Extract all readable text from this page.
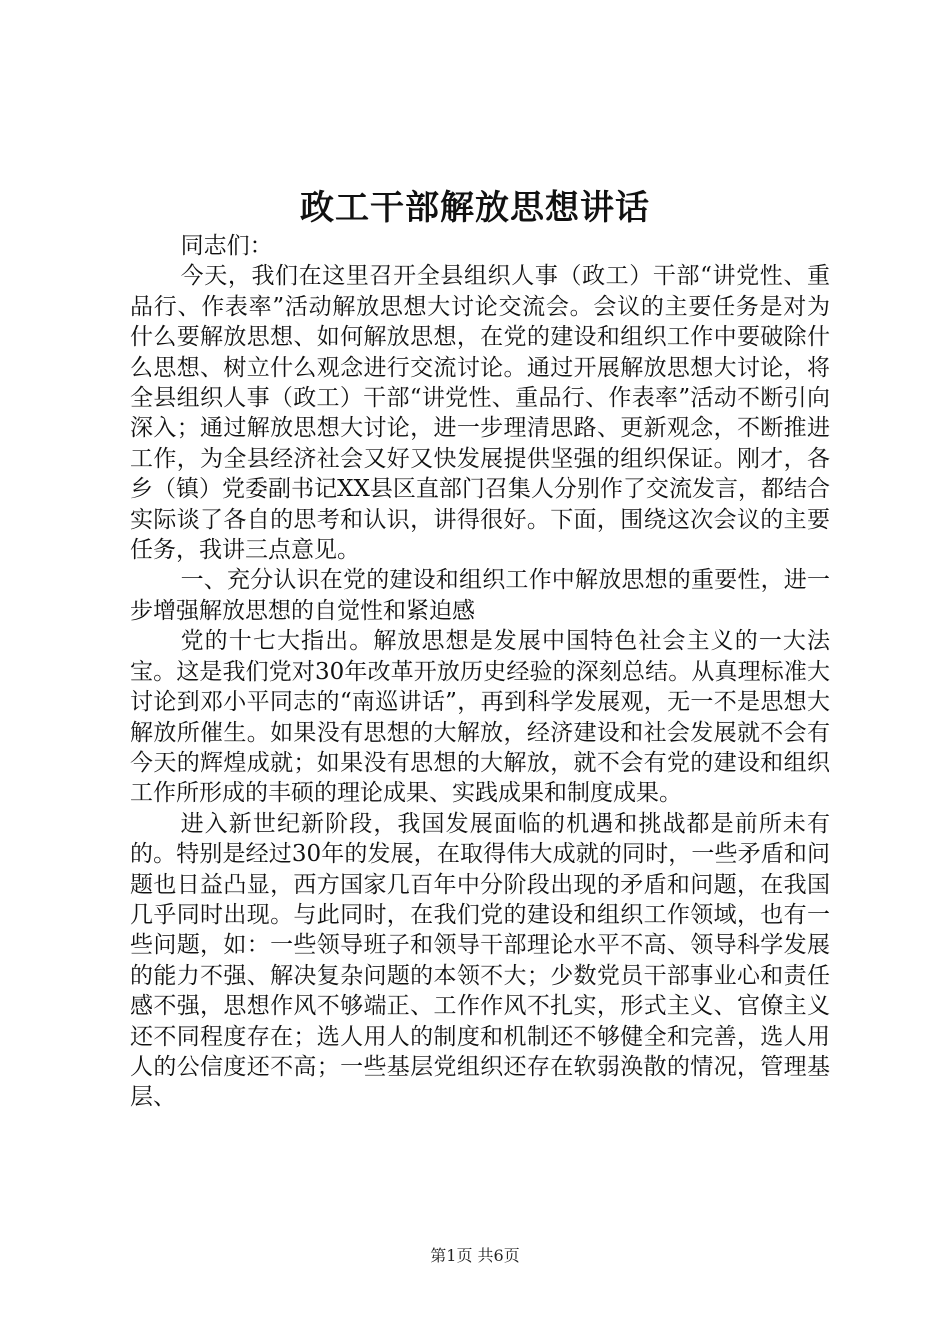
政工干部解放思想讲话

同志们：

今天，我们在这里召开全县组织人事（政工）干部“讲党性、重品行、作表率”活动解放思想大讨论交流会。会议的主要任务是对为什么要解放思想、如何解放思想，在党的建设和组织工作中要破除什么思想、树立什么观念进行交流讨论。通过开展解放思想大讨论，将全县组织人事（政工）干部“讲党性、重品行、作表率”活动不断引向深入；通过解放思想大讨论，进一步理清思路、更新观念，不断推进工作，为全县经济社会又好又快发展提供坚强的组织保证。刚才，各乡（镇）党委副书记XX县区直部门召集人分别作了交流发言，都结合实际谈了各自的思考和认识，讲得很好。下面，围绕这次会议的主要任务，我讲三点意见。

一、充分认识在党的建设和组织工作中解放思想的重要性，进一步增强解放思想的自觉性和紧迫感

党的十七大指出。解放思想是发展中国特色社会主义的一大法宝。这是我们党对30年改革开放历史经验的深刻总结。从真理标准大讨论到邓小平同志的“南巡讲话”，再到科学发展观，无一不是思想大解放所催生。如果没有思想的大解放，经济建设和社会发展就不会有今天的辉煌成就；如果没有思想的大解放，就不会有党的建设和组织工作所形成的丰硕的理论成果、实践成果和制度成果。

进入新世纪新阶段，我国发展面临的机遇和挑战都是前所未有的。特别是经过30年的发展，在取得伟大成就的同时，一些矛盾和问题也日益凸显，西方国家几百年中分阶段出现的矛盾和问题，在我国几乎同时出现。与此同时，在我们党的建设和组织工作领域，也有一些问题，如：一些领导班子和领导干部理论水平不高、领导科学发展的能力不强、解决复杂问题的本领不大；少数党员干部事业心和责任感不强，思想作风不够端正、工作作风不扎实，形式主义、官僚主义还不同程度存在；选人用人的制度和机制还不够健全和完善，选人用人的公信度还不高；一些基层党组织还存在软弱涣散的情况，管理基层、

第1页 共6页
